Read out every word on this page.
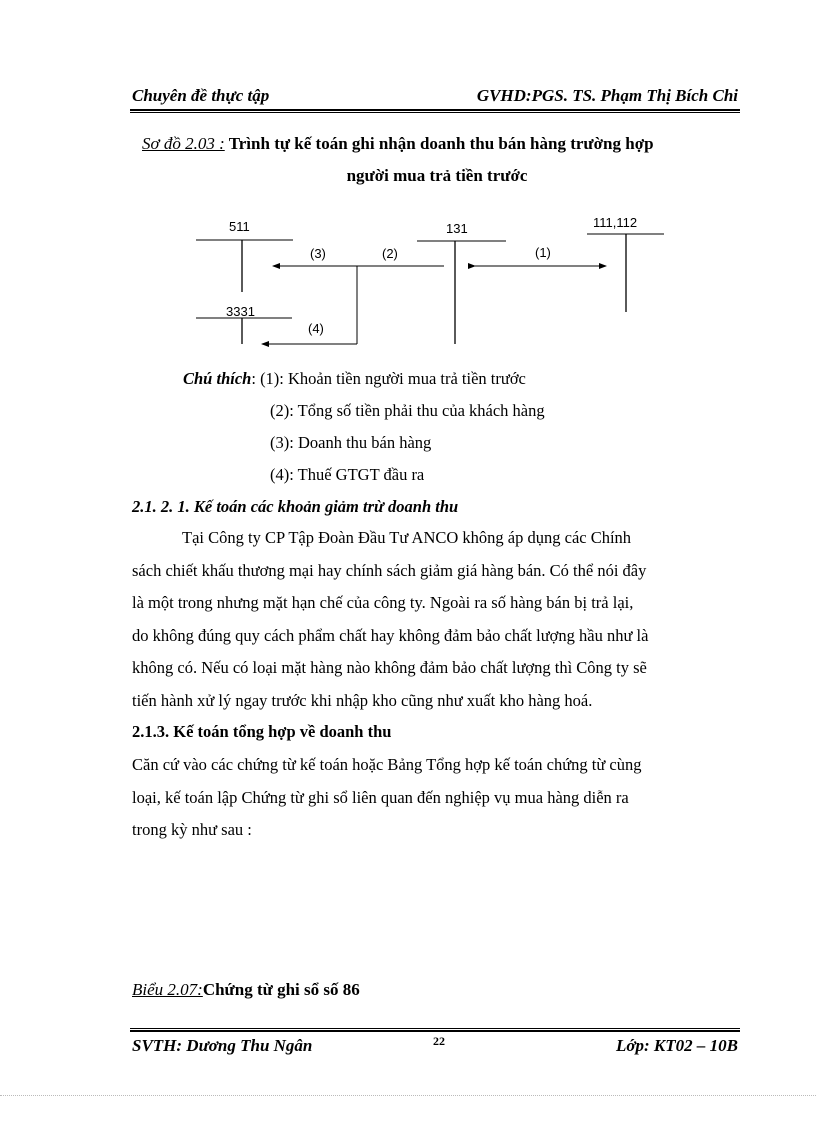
Chuyên đề thực tập	GVHD:PGS. TS. Phạm Thị Bích Chi
Sơ đồ 2.03 : Trình tự kế toán ghi nhận doanh thu bán hàng trường hợp
người mua trả tiền trước
511	131	111,112
3331
(3)	(2)	(1)
(4)
Chú thích: (1): Khoản tiền người mua trả tiền trước
(2): Tổng số tiền phải thu của khách hàng
(3): Doanh thu bán hàng
(4): Thuế GTGT đầu ra
2.1. 2. 1. Kế toán các khoản giảm trừ doanh thu
Tại Công ty CP Tập Đoàn Đầu Tư ANCO không áp dụng các Chính
sách chiết khấu thương mại hay chính sách giảm giá hàng bán. Có thể nói đây
là một trong nhưng mặt hạn chế của công ty. Ngoài ra số hàng bán bị trả lại,
do không đúng quy cách phẩm chất hay không đảm bảo chất lượng hầu như là
không có. Nếu có loại mặt hàng nào không đảm bảo chất lượng thì Công ty sẽ
tiến hành xử lý ngay trước khi nhập kho cũng như xuất kho hàng hoá.
2.1.3. Kế toán tổng hợp về doanh thu
Căn cứ vào các chứng từ kế toán hoặc Bảng Tổng hợp kế toán chứng từ cùng
loại, kế toán lập Chứng từ ghi sổ liên quan đến nghiệp vụ mua hàng diễn ra
trong kỳ như sau :
Biểu 2.07:Chứng từ ghi sổ số 86
22
SVTH: Dương Thu Ngân	Lớp: KT02 – 10B
